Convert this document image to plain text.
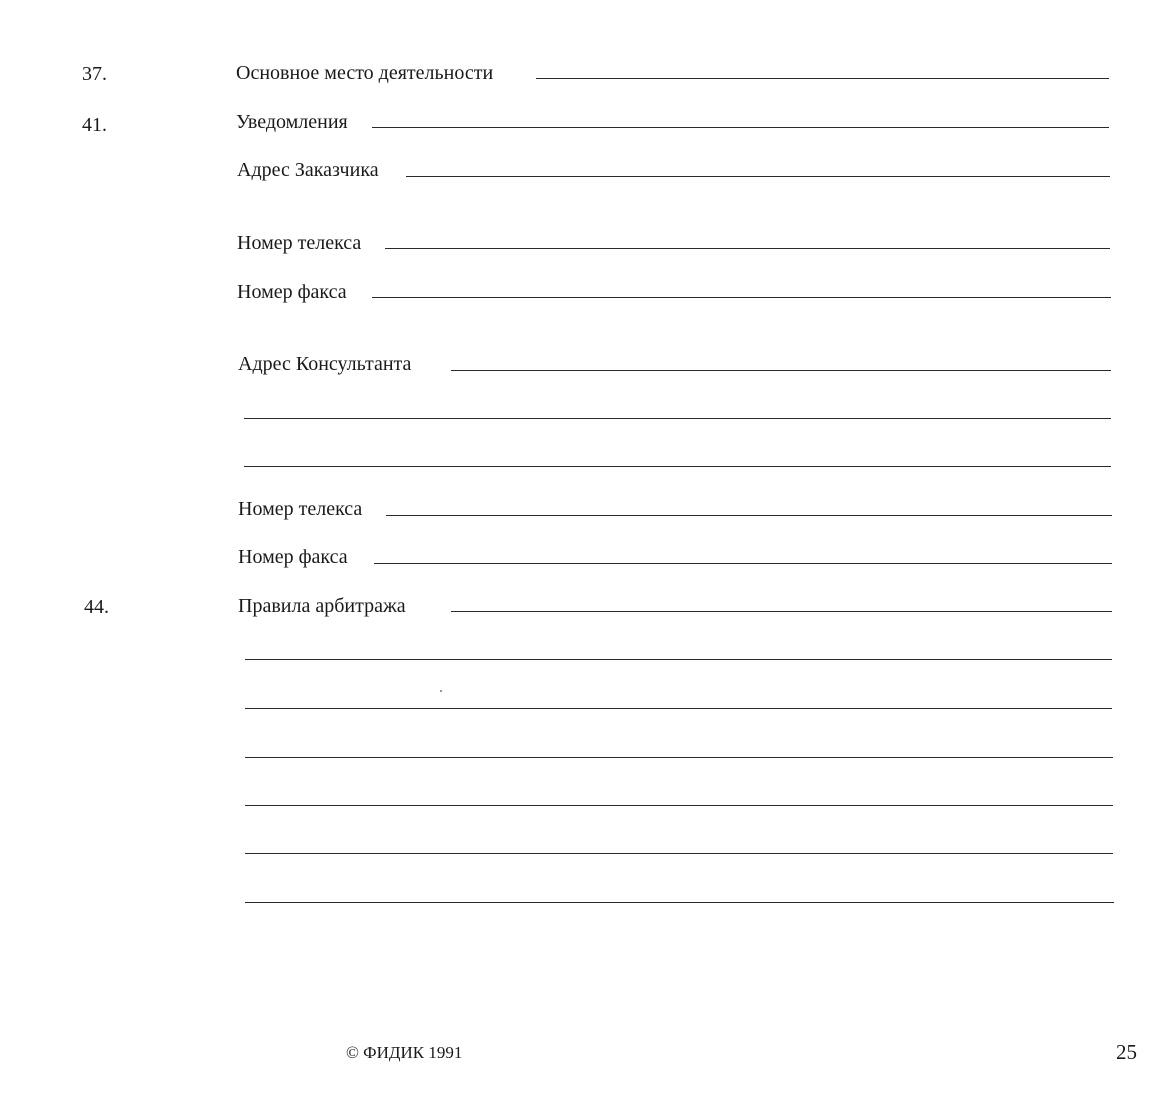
37.	Основное место деятельности
41.	Уведомления
Адрес Заказчика
Номер телекса
Номер факса
Адрес Консультанта
Номер телекса
Номер факса
44.	Правила арбитража
© ФИДИК 1991	25
